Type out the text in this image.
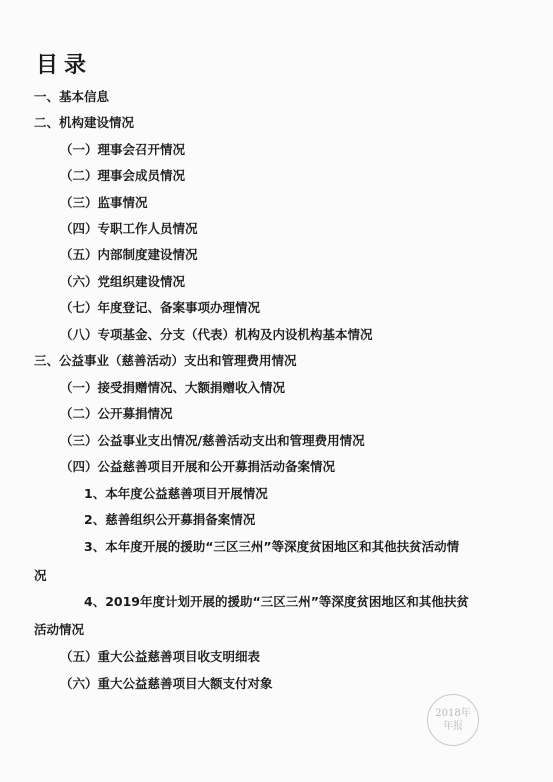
目录
一、基本信息
二、机构建设情况
（一）理事会召开情况
（二）理事会成员情况
（三）监事情况
（四）专职工作人员情况
（五）内部制度建设情况
（六）党组织建设情况
（七）年度登记、备案事项办理情况
（八）专项基金、分支（代表）机构及内设机构基本情况
三、公益事业（慈善活动）支出和管理费用情况
（一）接受捐赠情况、大额捐赠收入情况
（二）公开募捐情况
（三）公益事业支出情况/慈善活动支出和管理费用情况
（四）公益慈善项目开展和公开募捐活动备案情况
1、本年度公益慈善项目开展情况
2、慈善组织公开募捐备案情况
3、本年度开展的援助“三区三州”等深度贫困地区和其他扶贫活动情
况
4、2019年度计划开展的援助“三区三州”等深度贫困地区和其他扶贫
活动情况
（五）重大公益慈善项目收支明细表
（六）重大公益慈善项目大额支付对象
2018年
年报
